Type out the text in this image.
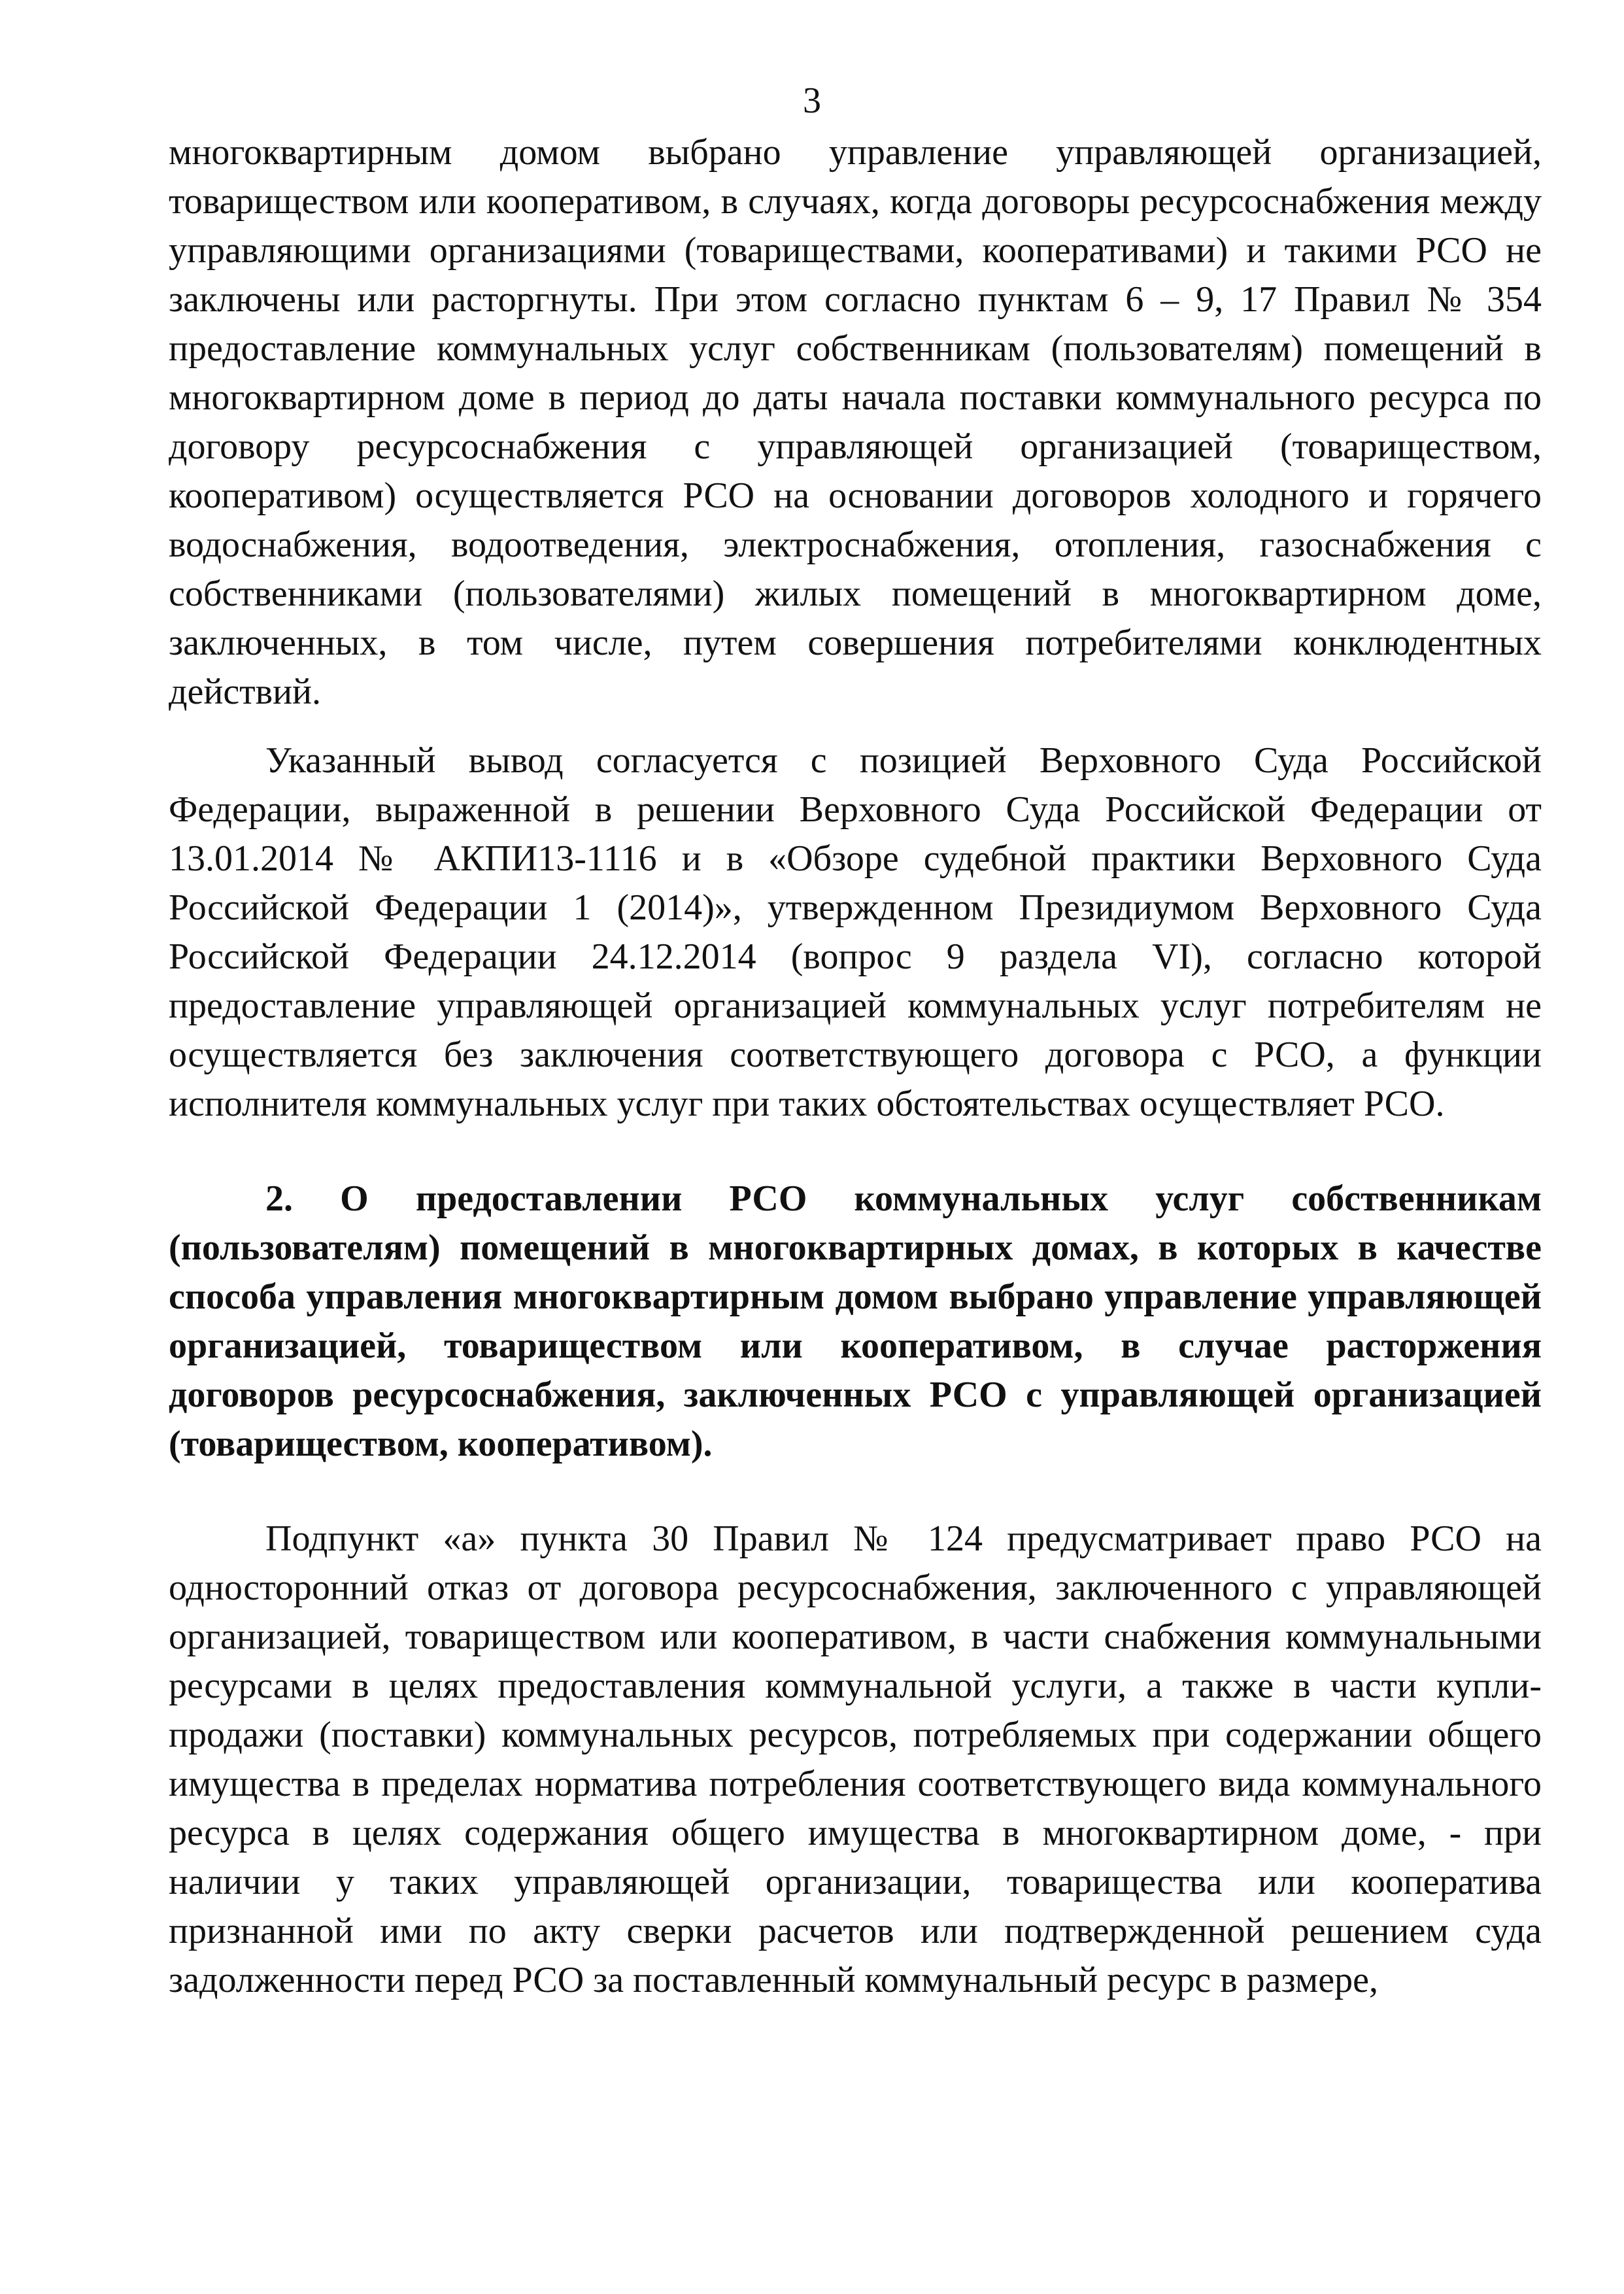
3

многоквартирным домом выбрано управление управляющей организацией, товариществом или кооперативом, в случаях, когда договоры ресурсоснабжения между управляющими организациями (товариществами, кооперативами) и такими РСО не заключены или расторгнуты. При этом согласно пунктам 6 – 9, 17 Правил № 354 предоставление коммунальных услуг собственникам (пользователям) помещений в многоквартирном доме в период до даты начала поставки коммунального ресурса по договору ресурсоснабжения с управляющей организацией (товариществом, кооперативом) осуществляется РСО на основании договоров холодного и горячего водоснабжения, водоотведения, электроснабжения, отопления, газоснабжения с собственниками (пользователями) жилых помещений в многоквартирном доме, заключенных, в том числе, путем совершения потребителями конклюдентных действий.

Указанный вывод согласуется с позицией Верховного Суда Российской Федерации, выраженной в решении Верховного Суда Российской Федерации от 13.01.2014 № АКПИ13-1116 и в «Обзоре судебной практики Верховного Суда Российской Федерации 1 (2014)», утвержденном Президиумом Верховного Суда Российской Федерации 24.12.2014 (вопрос 9 раздела VI), согласно которой предоставление управляющей организацией коммунальных услуг потребителям не осуществляется без заключения соответствующего договора с РСО, а функции исполнителя коммунальных услуг при таких обстоятельствах осуществляет РСО.

2. О предоставлении РСО коммунальных услуг собственникам (пользователям) помещений в многоквартирных домах, в которых в качестве способа управления многоквартирным домом выбрано управление управляющей организацией, товариществом или кооперативом, в случае расторжения договоров ресурсоснабжения, заключенных РСО с управляющей организацией (товариществом, кооперативом).

Подпункт «а» пункта 30 Правил № 124 предусматривает право РСО на односторонний отказ от договора ресурсоснабжения, заключенного с управляющей организацией, товариществом или кооперативом, в части снабжения коммунальными ресурсами в целях предоставления коммунальной услуги, а также в части купли-продажи (поставки) коммунальных ресурсов, потребляемых при содержании общего имущества в пределах норматива потребления соответствующего вида коммунального ресурса в целях содержания общего имущества в многоквартирном доме, - при наличии у таких управляющей организации, товарищества или кооператива признанной ими по акту сверки расчетов или подтвержденной решением суда задолженности перед РСО за поставленный коммунальный ресурс в размере,
